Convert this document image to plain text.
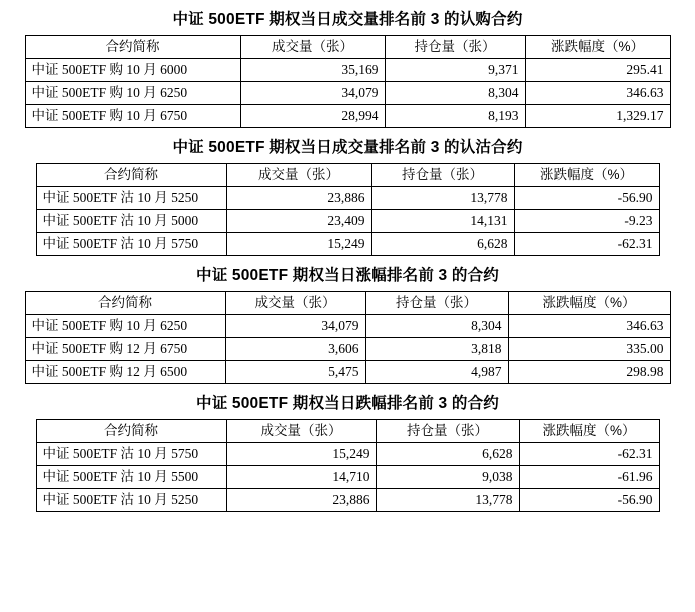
中证 500ETF 期权当日成交量排名前 3 的认购合约
合约简称	成交量（张）	持仓量（张）	涨跌幅度（%）
中证 500ETF 购 10 月 6000	35,169	9,371	295.41
中证 500ETF 购 10 月 6250	34,079	8,304	346.63
中证 500ETF 购 10 月 6750	28,994	8,193	1,329.17
中证 500ETF 期权当日成交量排名前 3 的认沽合约
合约简称	成交量（张）	持仓量（张）	涨跌幅度（%）
中证 500ETF 沽 10 月 5250	23,886	13,778	-56.90
中证 500ETF 沽 10 月 5000	23,409	14,131	-9.23
中证 500ETF 沽 10 月 5750	15,249	6,628	-62.31
中证 500ETF 期权当日涨幅排名前 3 的合约
合约简称	成交量（张）	持仓量（张）	涨跌幅度（%）
中证 500ETF 购 10 月 6250	34,079	8,304	346.63
中证 500ETF 购 12 月 6750	3,606	3,818	335.00
中证 500ETF 购 12 月 6500	5,475	4,987	298.98
中证 500ETF 期权当日跌幅排名前 3 的合约
合约简称	成交量（张）	持仓量（张）	涨跌幅度（%）
中证 500ETF 沽 10 月 5750	15,249	6,628	-62.31
中证 500ETF 沽 10 月 5500	14,710	9,038	-61.96
中证 500ETF 沽 10 月 5250	23,886	13,778	-56.90
